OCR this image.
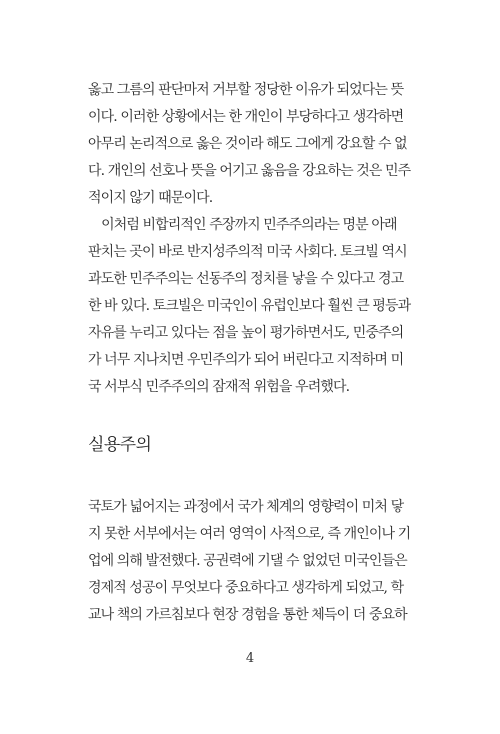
옳고 그름의 판단마저 거부할 정당한 이유가 되었다는 뜻
이다. 이러한 상황에서는 한 개인이 부당하다고 생각하면
아무리 논리적으로 옳은 것이라 해도 그에게 강요할 수 없
다. 개인의 선호나 뜻을 어기고 옳음을 강요하는 것은 민주
적이지 않기 때문이다.
　이처럼 비합리적인 주장까지 민주주의라는 명분 아래
판치는 곳이 바로 반지성주의적 미국 사회다. 토크빌 역시
과도한 민주주의는 선동주의 정치를 낳을 수 있다고 경고
한 바 있다. 토크빌은 미국인이 유럽인보다 훨씬 큰 평등과
자유를 누리고 있다는 점을 높이 평가하면서도, 민중주의
가 너무 지나치면 우민주의가 되어 버린다고 지적하며 미
국 서부식 민주주의의 잠재적 위험을 우려했다.
실용주의
국토가 넓어지는 과정에서 국가 체계의 영향력이 미처 닿
지 못한 서부에서는 여러 영역이 사적으로, 즉 개인이나 기
업에 의해 발전했다. 공권력에 기댈 수 없었던 미국인들은
경제적 성공이 무엇보다 중요하다고 생각하게 되었고, 학
교나 책의 가르침보다 현장 경험을 통한 체득이 더 중요하
4
